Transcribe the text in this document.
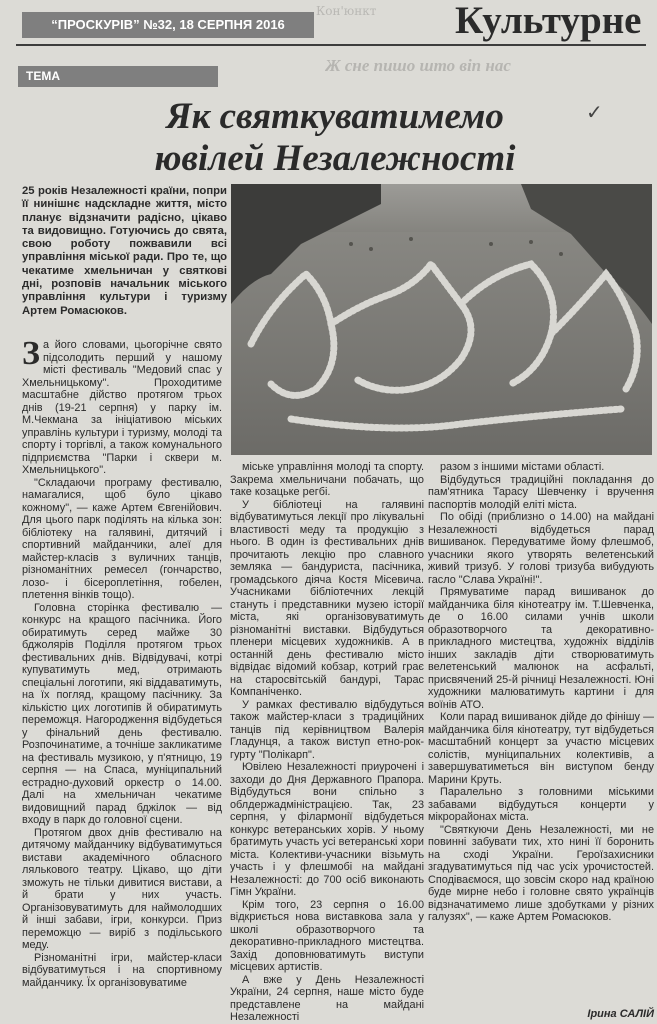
“ПРОСКУРІВ” №32, 18 СЕРПНЯ 2016
Кон'юнкт	Культурне
Ж сне пишо што віп нас
ТЕМА
✓
Як святкуватимемо
ювілей Незалежності
25 років Незалежності країни, попри її нинішнє надскладне життя, місто планує відзначити радісно, цікаво та видовищно. Готуючись до свята, свою роботу пожвавили всі управління міської ради. Про те, що чекатиме хмельничан у святкові дні, розповів начальник міського управління культури і туризму Артем Ромасюков.

За його словами, цьогорічне свято підсолодить перший у нашому місті фестиваль "Медовий спас у Хмельницькому". Проходитиме масштабне дійство протягом трьох днів (19-21 серпня) у парку ім. М.Чекмана за ініціативою міських управлінь культури і туризму, молоді та спорту і торгівлі, а також комунального підприємства "Парки і сквери м. Хмельницького".

"Складаючи програму фестивалю, намагалися, щоб було цікаво кожному", — каже Артем Євгенійович. Для цього парк поділять на кілька зон: бібліотеку на галявині, дитячий і спортивний майданчики, алеї для майстер-класів з вуличних танців, різноманітних ремесел (гончарство, лозо- і бісероплетіння, гобелен, плетення вінків тощо).

Головна сторінка фестивалю — конкурс на кращого пасічника. Його обиратимуть серед майже 30 бджолярів Поділля протягом трьох фестивальних днів. Відвідувачі, котрі купуватимуть мед, отримають спеціальні логотипи, які віддаватимуть, на їх погляд, кращому пасічнику. За кількістю цих логотипів й обиратимуть переможця. Нагородження відбудеться у фінальний день фестивалю. Розпочинатиме, а точніше закликатиме на фестиваль музикою, у п'ятницю, 19 серпня — на Спаса, муніципальний естрадно-духовий оркестр о 14.00. Далі на хмельничан чекатиме видовищний парад бджілок — від входу в парк до головної сцени.

Протягом двох днів фестивалю на дитячому майданчику відбуватимуться вистави академічного обласного лялькового театру. Цікаво, що діти зможуть не тільки дивитися вистави, а й брати у них участь. Організовуватимуть для наймолодших й інші забави, ігри, конкурси. Приз переможцю — виріб з подільського меду.

Різноманітні ігри, майстер-класи відбуватимуться і на спортивному майданчику. Їх організовуватиме

міське управління молоді та спорту. Закрема хмельничани побачать, що таке козацьке регбі.

У бібліотеці на галявині відбуватимуться лекції про лікувальні властивості меду та продукцію з нього. В один із фестивальних днів прочитають лекцію про славного земляка — бандуриста, пасічника, громадського діяча Костя Місевича. Учасниками бібліотечних лекцій стануть і представники музею історії міста, які організовуватимуть різноманітні виставки. Відбудуться пленери місцевих художників. А в останній день фестивалю місто відвідає відомий кобзар, котрий грає на старосвітській бандурі, Тарас Компаніченко.

У рамках фестивалю відбудуться також майстер-класи з традиційних танців під керівництвом Валерія Гладунця, а також виступ етно-рок-гурту "Полікарп".

Ювілею Незалежності приурочені і заходи до Дня Державного Прапора. Відбудуться вони спільно з облдержадміністрацією. Так, 23 серпня, у філармонії відбудеться конкурс ветеранських хорів. У ньому братимуть участь усі ветеранські хори міста. Колективи-учасники візьмуть участь і у флешмобі на майдані Незалежності: до 700 осіб виконають Гімн України.

Крім того, 23 серпня о 16.00 відкриється нова виставкова зала у школі образотворчого та декоративно-прикладного мистецтва. Захід доповнюватимуть виступи місцевих артистів.

А вже у День Незалежності України, 24 серпня, наше місто буде представлене на майдані Незалежності

разом з іншими містами області.

Відбудуться традиційні покладання до пам'ятника Тарасу Шевченку і вручення паспортів молодій еліті міста.

По обіді (приблизно о 14.00) на майдані Незалежності відбудеться парад вишиванок. Передуватиме йому флешмоб, учасники якого утворять велетенський живий тризуб. У голові тризуба вибудують гасло "Слава Україні!".

Прямуватиме парад вишиванок до майданчика біля кінотеатру ім. Т.Шевченка, де о 16.00 силами учнів школи образотворчого та декоративно-прикладного мистецтва, художніх відділів інших закладів діти створюватимуть велетенський малюнок на асфальті, присвячений 25-й річниці Незалежності. Юні художники малюватимуть картини і для воїнів АТО.

Коли парад вишиванок дійде до фінішу — майданчика біля кінотеатру, тут відбудеться масштабний концерт за участю місцевих солістів, муніципальних колективів, а завершуватиметься він виступом бенду Марини Круть.

Паралельно з головними міськими забавами відбудуться концерти у мікрорайонах міста.

"Святкуючи День Незалежності, ми не повинні забувати тих, хто нині її боронить на сході України. Героїзахисники згадуватимуться під час усіх урочистостей. Сподіваємося, що зовсім скоро над країною буде мирне небо і головне свято українців відзначатимемо лише здобутками у різних галузях", — каже Артем Ромасюков.

Ірина САЛІЙ
